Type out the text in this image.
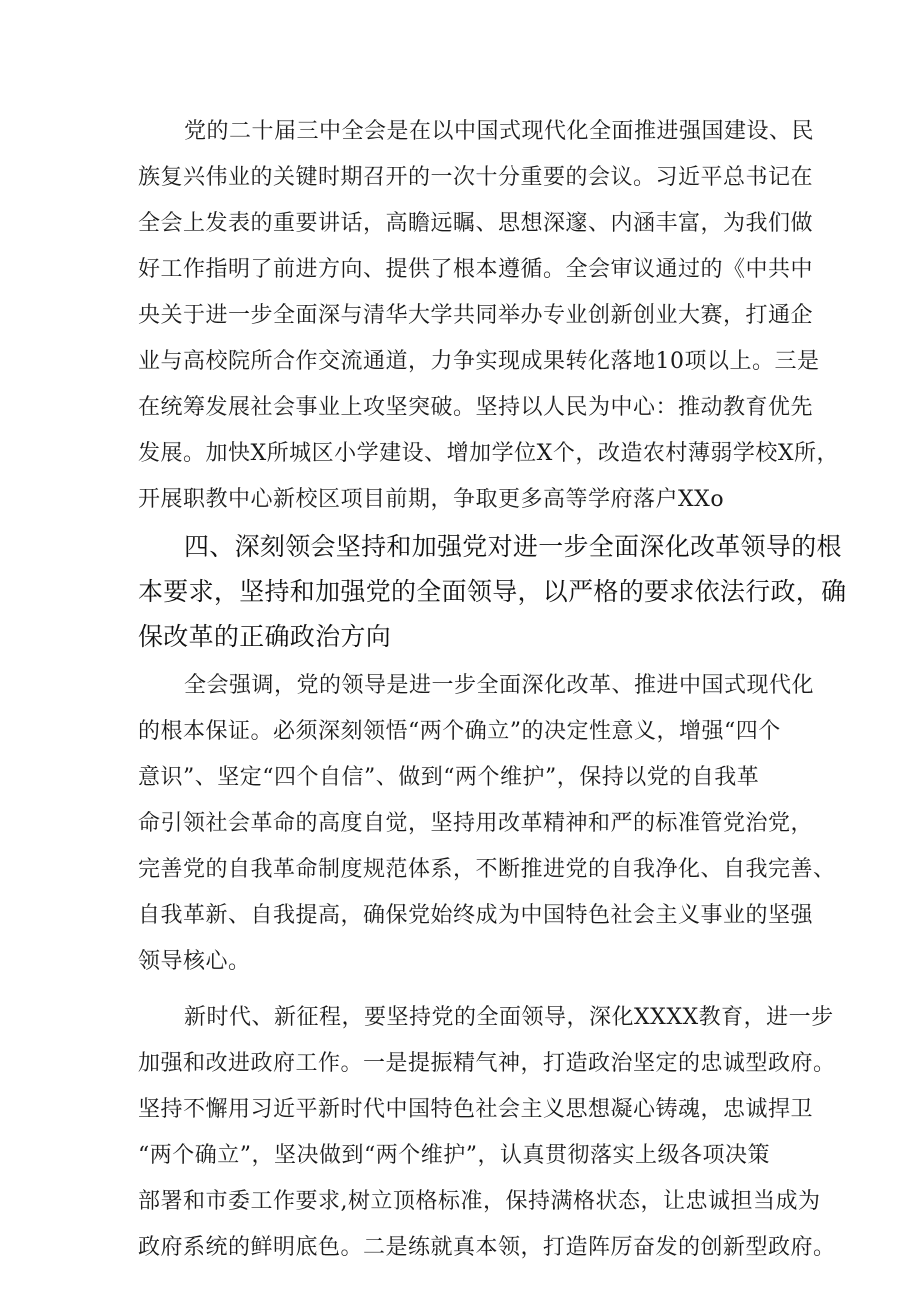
党的二十届三中全会是在以中国式现代化全面推进强国建设、民
族复兴伟业的关键时期召开的一次十分重要的会议。习近平总书记在
全会上发表的重要讲话，高瞻远瞩、思想深邃、内涵丰富，为我们做
好工作指明了前进方向、提供了根本遵循。全会审议通过的《中共中
央关于进一步全面深与清华大学共同举办专业创新创业大赛，打通企
业与高校院所合作交流通道，力争实现成果转化落地10项以上。三是
在统筹发展社会事业上攻坚突破。坚持以人民为中心：推动教育优先
发展。加快X所城区小学建设、增加学位X个，改造农村薄弱学校X所，
开展职教中心新校区项目前期，争取更多高等学府落户XXo
四、深刻领会坚持和加强党对进一步全面深化改革领导的根
本要求，坚持和加强党的全面领导，以严格的要求依法行政，确
保改革的正确政治方向
全会强调，党的领导是进一步全面深化改革、推进中国式现代化
的根本保证。必须深刻领悟“两个确立”的决定性意义，增强“四个
意识”、坚定“四个自信”、做到“两个维护”，保持以党的自我革
命引领社会革命的高度自觉，坚持用改革精神和严的标准管党治党，
完善党的自我革命制度规范体系，不断推进党的自我净化、自我完善、
自我革新、自我提高，确保党始终成为中国特色社会主义事业的坚强
领导核心。
新时代、新征程，要坚持党的全面领导，深化XXXX教育，进一步
加强和改进政府工作。一是提振精气神，打造政治坚定的忠诚型政府。
坚持不懈用习近平新时代中国特色社会主义思想凝心铸魂，忠诚捍卫
“两个确立”，坚决做到“两个维护”，认真贯彻落实上级各项决策
部署和市委工作要求,树立顶格标准，保持满格状态，让忠诚担当成为
政府系统的鲜明底色。二是练就真本领，打造阵厉奋发的创新型政府。
